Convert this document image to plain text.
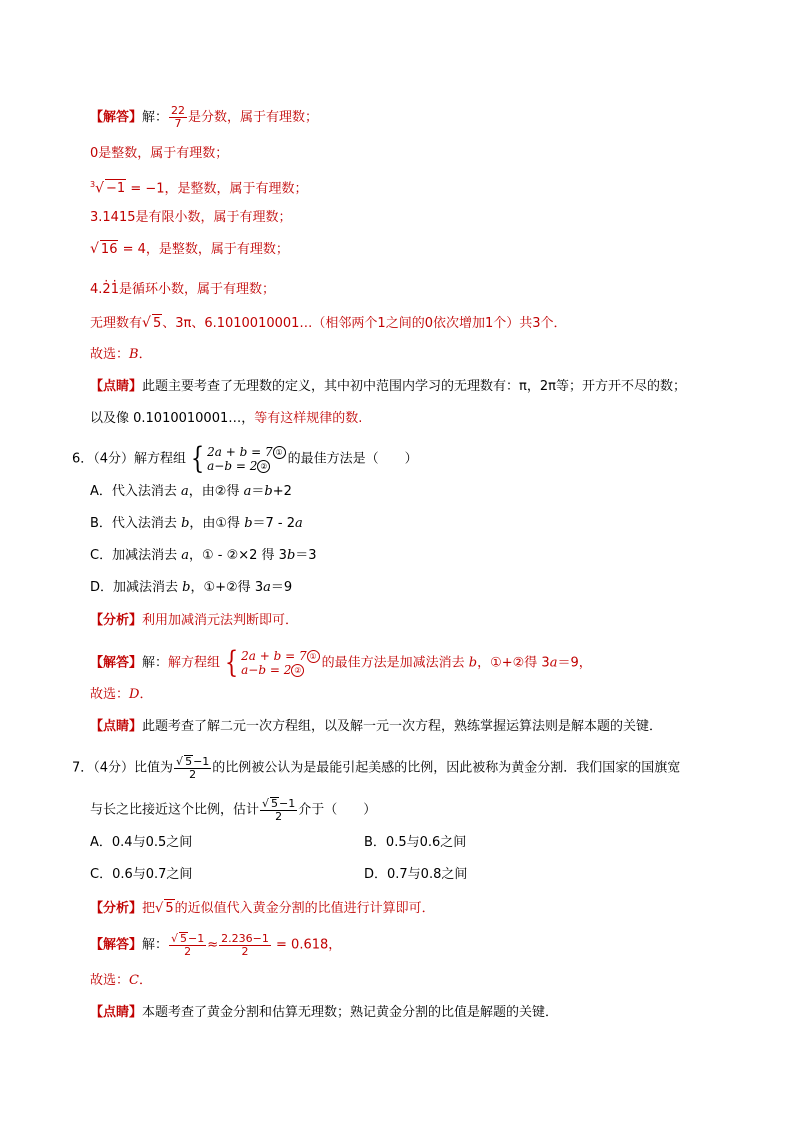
【解答】解： $\frac{22}{7}$ 是分数，属于有理数；
0是整数，属于有理数；
$^3$√ −1 = −1，是整数，属于有理数；
3.1415是有限小数，属于有理数；
√ 16 = 4，是整数，属于有理数；
4.· 2· 1是循环小数，属于有理数；
无理数有√ 5、3π、6.1010010001…（相邻两个1之间的0依次增加1个）共3个．
故选：B．
【点睛】此题主要考查了无理数的定义，其中初中范围内学习的无理数有：π，2π等；开方开不尽的数；
以及像 0.1010010001…，等有这样规律的数.
6．（4分）解方程组 { 2a + b = 7 ①
a−b = 2 ②	的最佳方法是（　　）
A．代入法消去 a，由②得 a＝b+2
B．代入法消去 b，由①得 b＝7 - 2a
C．加减法消去 a，① - ②×2 得 3b＝3
D．加减法消去 b，①+②得 3a＝9
【分析】利用加减消元法判断即可．
【解答】解：解方程组 { 2a + b = 7 ①
a−b = 2 ②	的最佳方法是加减法消去 b，①+②得 3a＝9，
故选：D．
【点睛】此题考查了解二元一次方程组，以及解一元一次方程，熟练掌握运算法则是解本题的关键．
7．（4分）比值为 $\frac{√ 5-1}{2}$ 的比例被公认为是最能引起美感的比例，因此被称为黄金分割．我们国家的国旗宽
与长之比接近这个比例，估计 $\frac{√ 5-1}{2}$ 介于（　　）
A．0.4与0.5之间	B．0.5与0.6之间
C．0.6与0.7之间	D．0.7与0.8之间
【分析】把√ 5的近似值代入黄金分割的比值进行计算即可．
【解答】解： $\frac{√ 5-1}{2} \approx \frac{2.236-1}{2} = 0.618$，
故选：C．
【点睛】本题考查了黄金分割和估算无理数；熟记黄金分割的比值是解题的关键．
